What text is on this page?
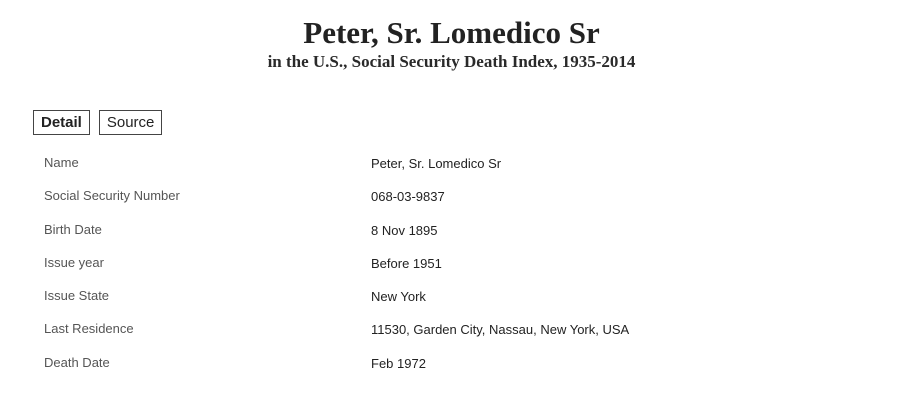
Peter, Sr. Lomedico Sr
in the U.S., Social Security Death Index, 1935-2014
Detail	Source
Name	Peter, Sr. Lomedico Sr
Social Security Number	068-03-9837
Birth Date	8 Nov 1895
Issue year	Before 1951
Issue State	New York
Last Residence	11530, Garden City, Nassau, New York, USA
Death Date	Feb 1972
